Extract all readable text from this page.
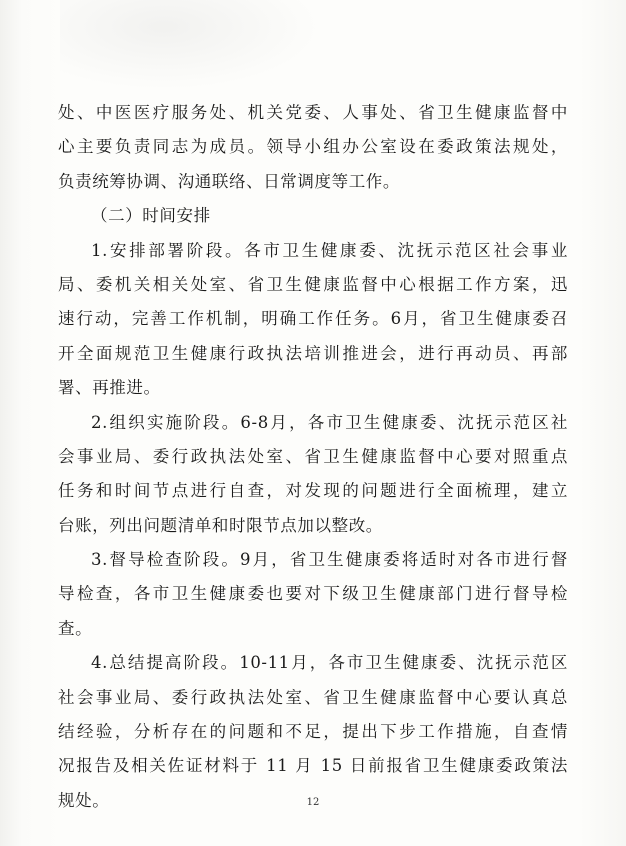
处、中医医疗服务处、机关党委、人事处、省卫生健康监督中
心主要负责同志为成员。领导小组办公室设在委政策法规处，
负责统筹协调、沟通联络、日常调度等工作。
（二）时间安排
1.安排部署阶段。各市卫生健康委、沈抚示范区社会事业
局、委机关相关处室、省卫生健康监督中心根据工作方案，迅
速行动，完善工作机制，明确工作任务。6月，省卫生健康委召
开全面规范卫生健康行政执法培训推进会，进行再动员、再部
署、再推进。
2.组织实施阶段。6-8月，各市卫生健康委、沈抚示范区社
会事业局、委行政执法处室、省卫生健康监督中心要对照重点
任务和时间节点进行自查，对发现的问题进行全面梳理，建立
台账，列出问题清单和时限节点加以整改。
3.督导检查阶段。9月，省卫生健康委将适时对各市进行督
导检查，各市卫生健康委也要对下级卫生健康部门进行督导检
查。
4.总结提高阶段。10-11月，各市卫生健康委、沈抚示范区
社会事业局、委行政执法处室、省卫生健康监督中心要认真总
结经验，分析存在的问题和不足，提出下步工作措施，自查情
况报告及相关佐证材料于 11 月 15 日前报省卫生健康委政策法
规处。	12
